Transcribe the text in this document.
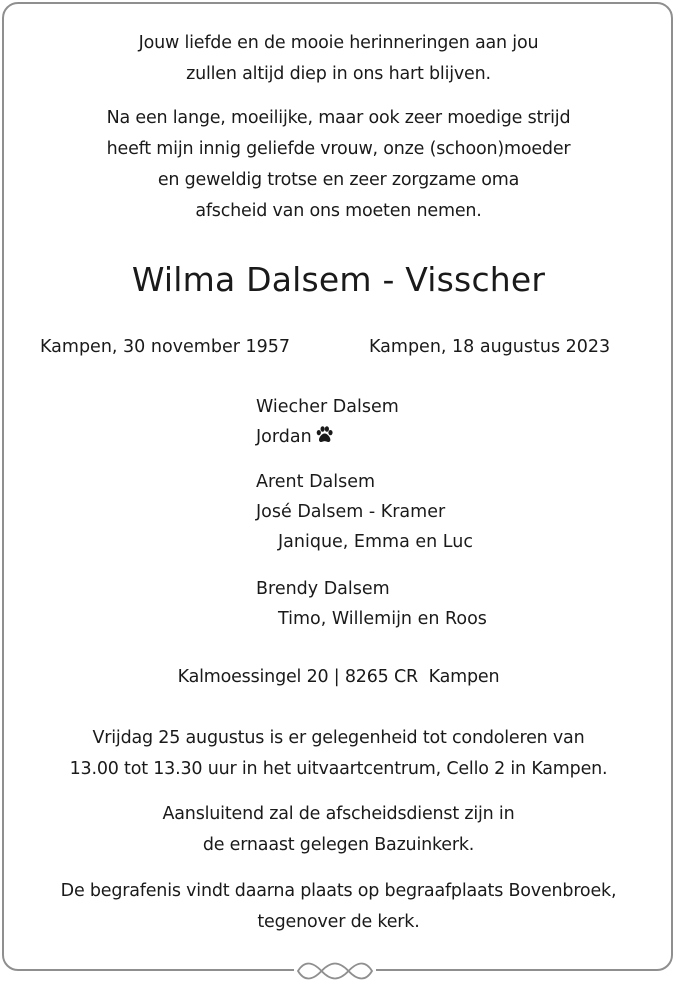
Jouw liefde en de mooie herinneringen aan jou
zullen altijd diep in ons hart blijven.
Na een lange, moeilijke, maar ook zeer moedige strijd
heeft mijn innig geliefde vrouw, onze (schoon)moeder
en geweldig trotse en zeer zorgzame oma
afscheid van ons moeten nemen.
Wilma Dalsem - Visscher
Kampen, 30 november 1957	Kampen, 18 augustus 2023
Wiecher Dalsem
Jordan
Arent Dalsem
José Dalsem - Kramer
Janique, Emma en Luc
Brendy Dalsem
Timo, Willemijn en Roos
Kalmoessingel 20 | 8265 CR  Kampen
Vrijdag 25 augustus is er gelegenheid tot condoleren van
13.00 tot 13.30 uur in het uitvaartcentrum, Cello 2 in Kampen.
Aansluitend zal de afscheidsdienst zijn in
de ernaast gelegen Bazuinkerk.
De begrafenis vindt daarna plaats op begraafplaats Bovenbroek,
tegenover de kerk.
